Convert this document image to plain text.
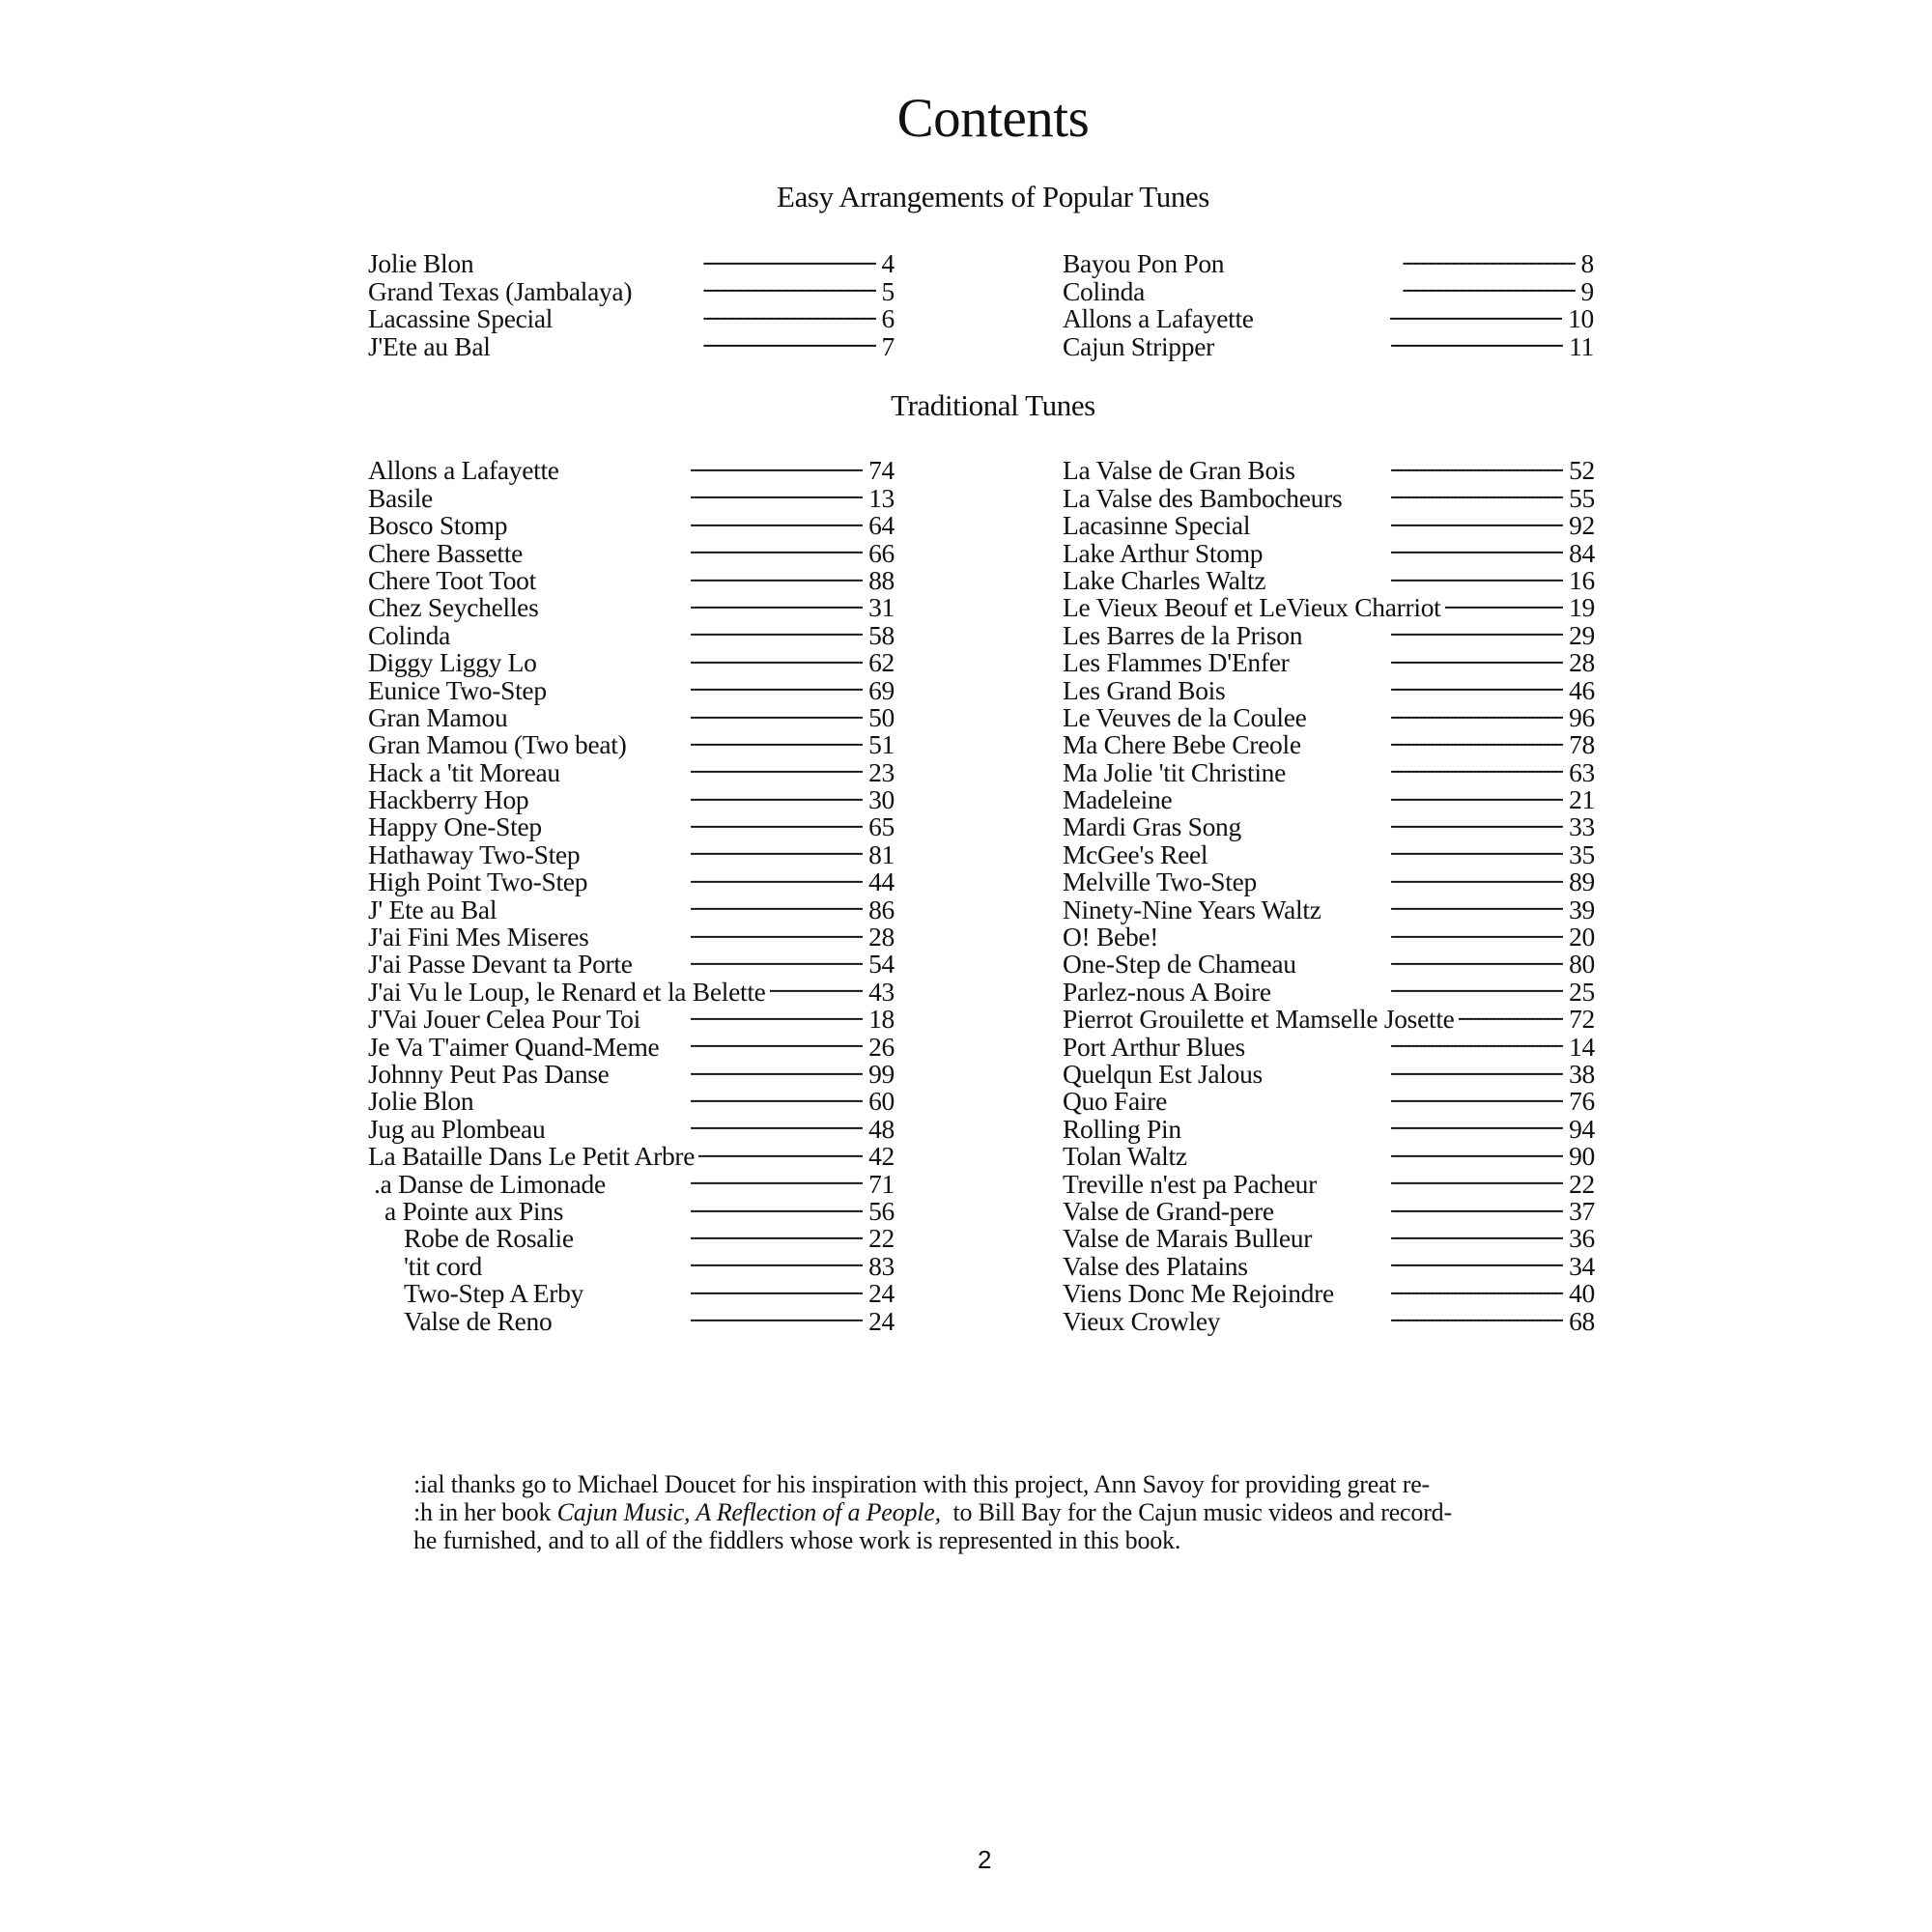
Contents
Easy Arrangements of Popular Tunes
Jolie Blon . . .	4
Grand Texas (Jambalaya) . . .	5
Lacassine Special . . .	6
J'Ete au Bal . . .	7
Bayou Pon Pon . . .	8
Colinda . . .	9
Allons a Lafayette . . .	10
Cajun Stripper . . .	11
Traditional Tunes
Allons a Lafayette . . .	74
Basile . . .	13
Bosco Stomp . . .	64
Chere Bassette . . .	66
Chere Toot Toot . . .	88
Chez Seychelles . . .	31
Colinda . . .	58
Diggy Liggy Lo . . .	62
Eunice Two-Step . . .	69
Gran Mamou . . .	50
Gran Mamou (Two beat) . . .	51
Hack a 'tit Moreau . . .	23
Hackberry Hop . . .	30
Happy One-Step . . .	65
Hathaway Two-Step . . .	81
High Point Two-Step . . .	44
J' Ete au Bal . . .	86
J'ai Fini Mes Miseres . . .	28
J'ai Passe Devant ta Porte . . .	54
J'ai Vu le Loup, le Renard et la Belette . . .	43
J'Vai Jouer Celea Pour Toi . . .	18
Je Va T'aimer Quand-Meme . . .	26
Johnny Peut Pas Danse . . .	99
Jolie Blon . . .	60
Jug au Plombeau . . .	48
La Bataille Dans Le Petit Arbre . . .	42
.a Danse de Limonade . . .	71
a Pointe aux Pins . . .	56
Robe de Rosalie . . .	22
'tit cord . . .	83
Two-Step A Erby . . .	24
Valse de Reno . . .	24
La Valse de Gran Bois . . .	52
La Valse des Bambocheurs . . .	55
Lacasinne Special . . .	92
Lake Arthur Stomp . . .	84
Lake Charles Waltz . . .	16
Le Vieux Beouf et LeVieux Charriot . . .	19
Les Barres de la Prison . . .	29
Les Flammes D'Enfer . . .	28
Les Grand Bois . . .	46
Le Veuves de la Coulee . . .	96
Ma Chere Bebe Creole . . .	78
Ma Jolie 'tit Christine . . .	63
Madeleine . . .	21
Mardi Gras Song . . .	33
McGee's Reel . . .	35
Melville Two-Step . . .	89
Ninety-Nine Years Waltz . . .	39
O! Bebe! . . .	20
One-Step de Chameau . . .	80
Parlez-nous A Boire . . .	25
Pierrot Grouilette et Mamselle Josette . . .	72
Port Arthur Blues . . .	14
Quelqun Est Jalous . . .	38
Quo Faire . . .	76
Rolling Pin . . .	94
Tolan Waltz . . .	90
Treville n'est pa Pacheur . . .	22
Valse de Grand-pere . . .	37
Valse de Marais Bulleur . . .	36
Valse des Platains . . .	34
Viens Donc Me Rejoindre . . .	40
Vieux Crowley . . .	68
:ial thanks go to Michael Doucet for his inspiration with this project, Ann Savoy for providing great re-
:h in her book Cajun Music, A Reflection of a People,  to Bill Bay for the Cajun music videos and record-
he furnished, and to all of the fiddlers whose work is represented in this book.
2
